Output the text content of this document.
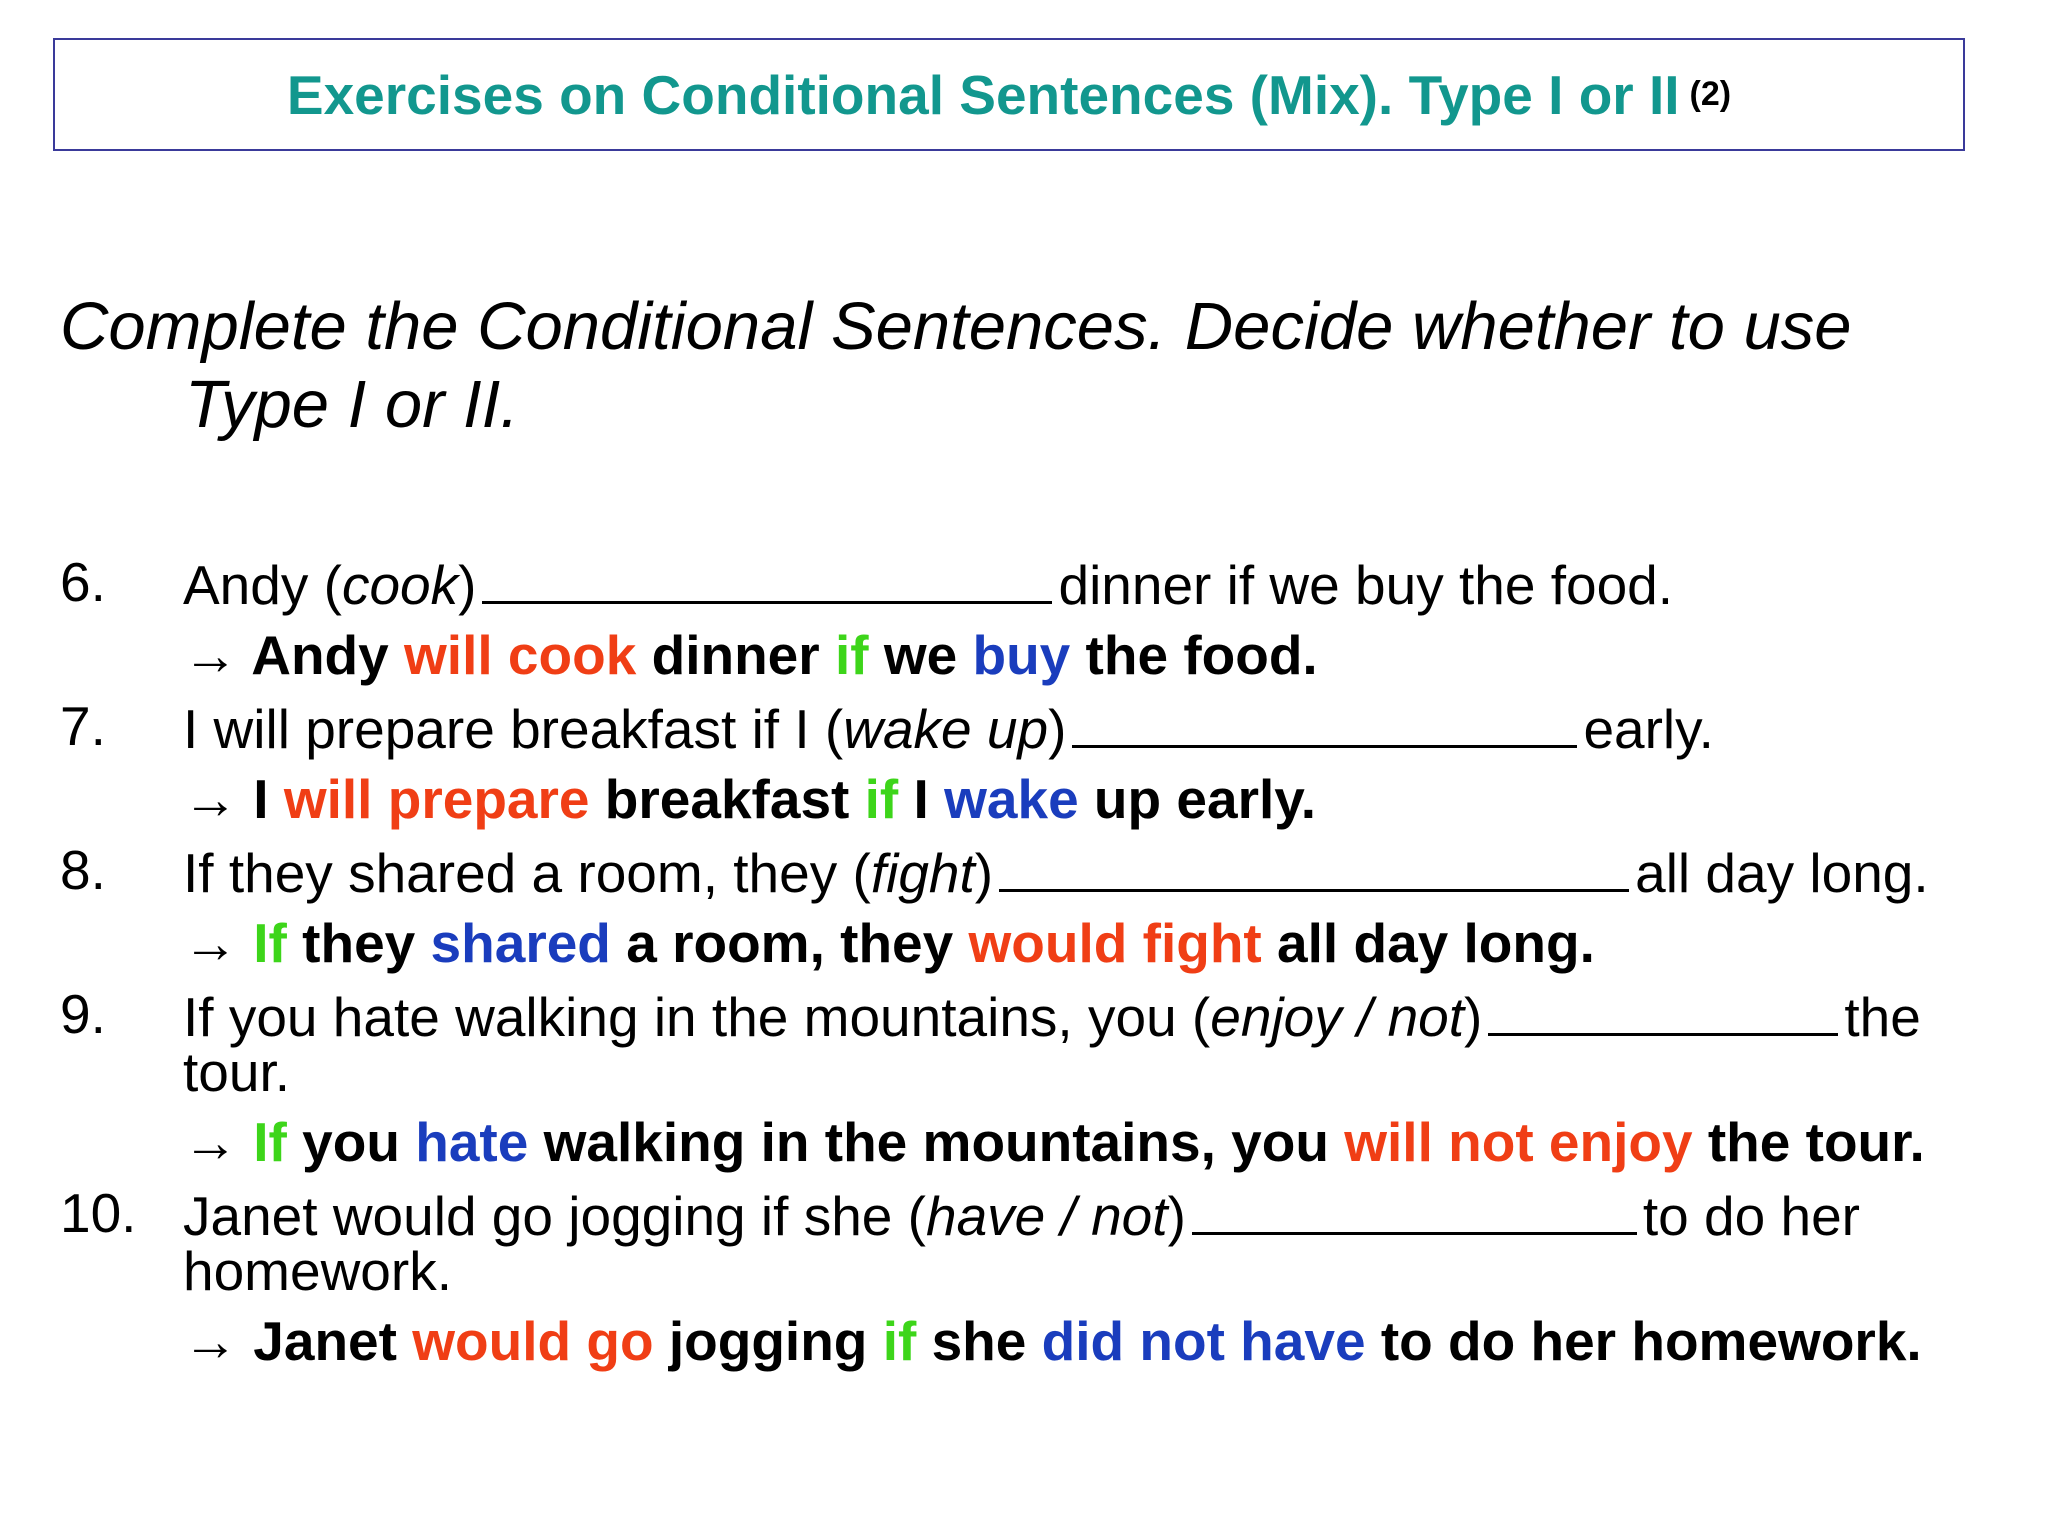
Exercises on Conditional Sentences (Mix). Type I or II (2)
Complete the Conditional Sentences. Decide whether to use Type I or II.
6. Andy (cook)	dinner if we buy the food.

→ Andy will cook dinner if we buy the food.

7. I will prepare breakfast if I (wake up)	early.

→ I will prepare breakfast if I wake up early.

8. If they shared a room, they (fight)	all day long.

→ If they shared a room, they would fight all day long.

9. If you hate walking in the mountains, you (enjoy / not)	the tour.

→ If you hate walking in the mountains, you will not enjoy the tour.

10. Janet would go jogging if she (have / not)	to do her homework.

→ Janet would go jogging if she did not have to do her homework.
